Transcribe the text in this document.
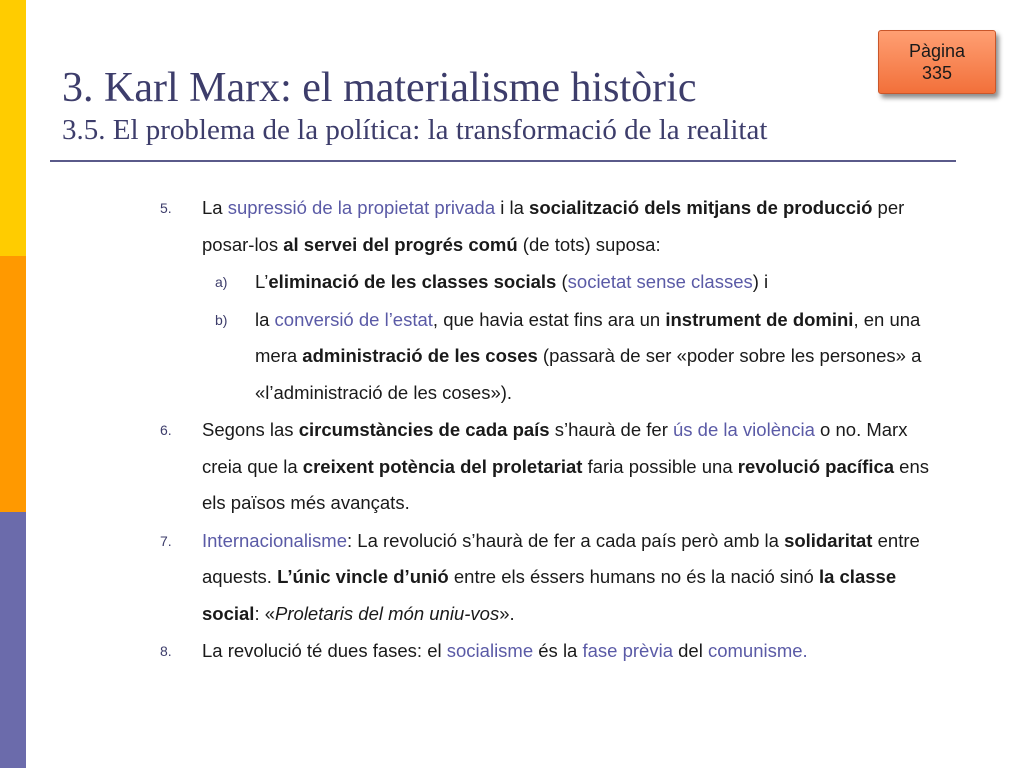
Pàgina
335
3. Karl Marx: el materialisme històric
3.5. El problema de la política: la transformació de la realitat
5. La supressió de la propietat privada i la socialització dels mitjans de producció per posar-los al servei del progrés comú (de tots) suposa:
a) L’eliminació de les classes socials (societat sense classes) i
b) la conversió de l’estat, que havia estat fins ara un instrument de domini, en una mera administració de les coses (passarà de ser «poder sobre les persones» a «l’administració de les coses»).
6. Segons las circumstàncies de cada país s’haurà de fer ús de la violència o no. Marx creia que la creixent potència del proletariat faria possible una revolució pacífica ens els països més avançats.
7. Internacionalisme: La revolució s’haurà de fer a cada país però amb la solidaritat entre aquests. L’únic vincle d’unió entre els éssers humans no és la nació sinó la classe social: «Proletaris del món uniu-vos».
8. La revolució té dues fases: el socialisme és la fase prèvia del comunisme.
